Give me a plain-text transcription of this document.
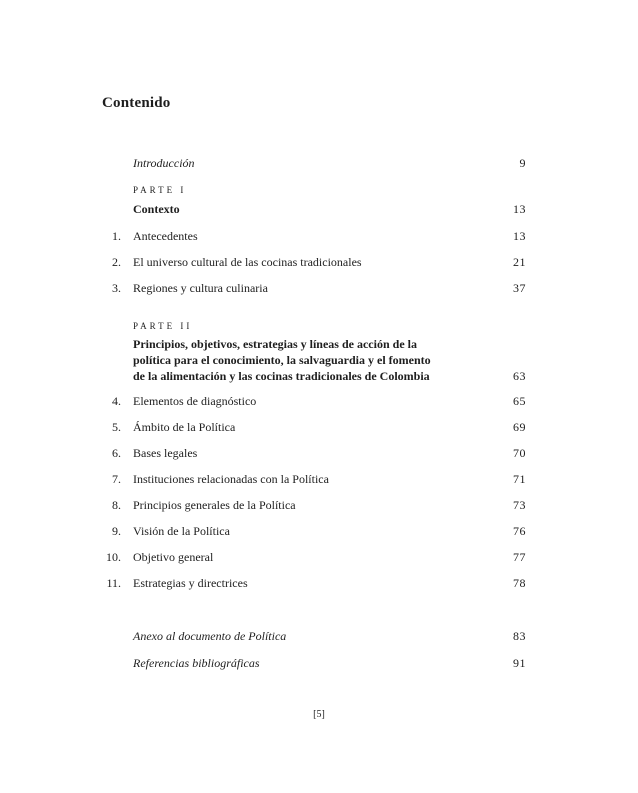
Contenido
Introducción	9
PARTE I
Contexto	13
1. Antecedentes	13
2. El universo cultural de las cocinas tradicionales	21
3. Regiones y cultura culinaria	37
PARTE II
Principios, objetivos, estrategias y líneas de acción de la
política para el conocimiento, la salvaguardia y el fomento
de la alimentación y las cocinas tradicionales de Colombia	63
4. Elementos de diagnóstico	65
5. Ámbito de la Política	69
6. Bases legales	70
7. Instituciones relacionadas con la Política	71
8. Principios generales de la Política	73
9. Visión de la Política	76
10. Objetivo general	77
11. Estrategias y directrices	78
Anexo al documento de Política	83
Referencias bibliográficas	91
[5]
